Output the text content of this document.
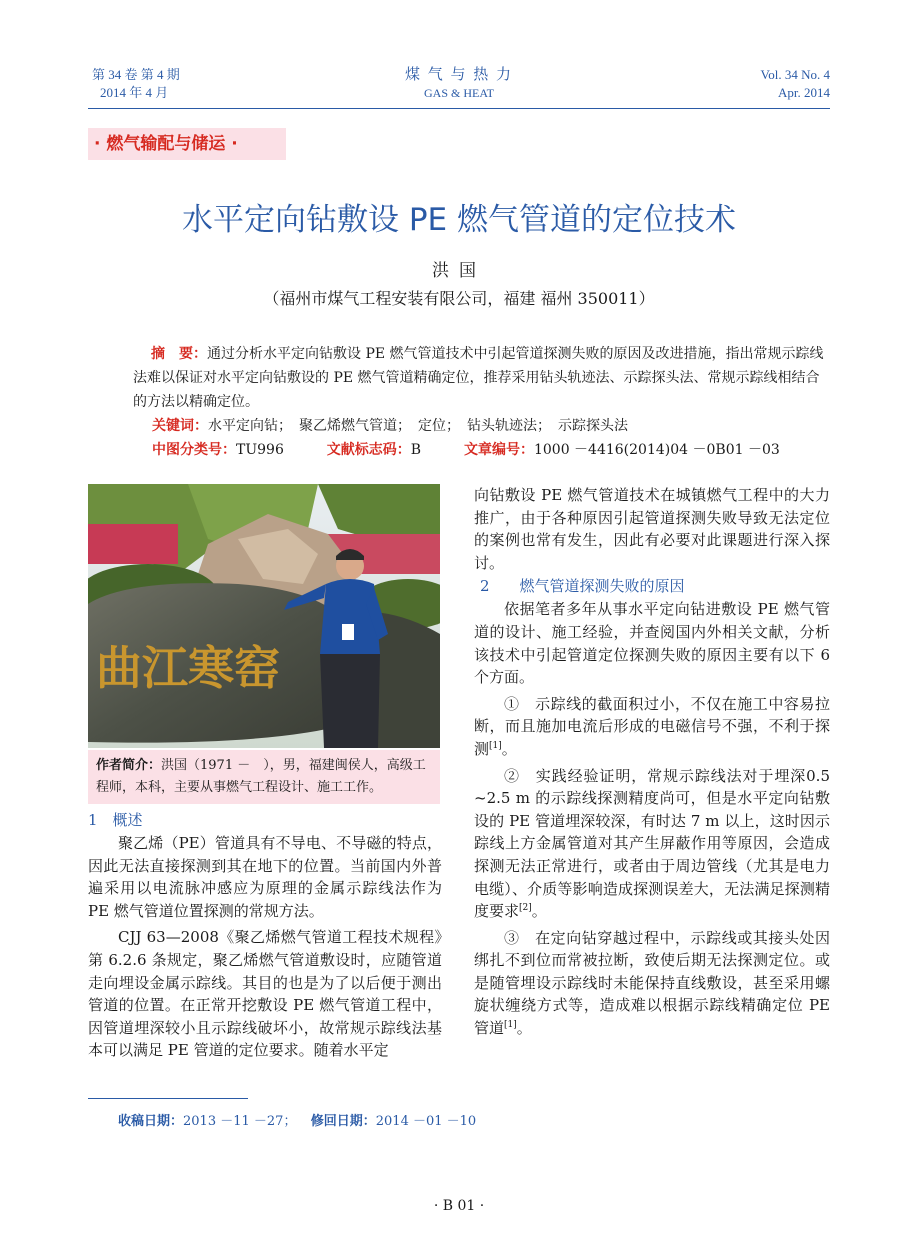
第 34 卷 第 4 期
2014 年 4 月
煤 气 与 热 力
GAS & HEAT
Vol. 34 No. 4
Apr. 2014
· 燃气输配与储运 ·
水平定向钻敷设 PE 燃气管道的定位技术
洪国
（福州市煤气工程安装有限公司，福建 福州 350011）
摘　要：通过分析水平定向钻敷设 PE 燃气管道技术中引起管道探测失败的原因及改进措施，指出常规示踪线法难以保证对水平定向钻敷设的 PE 燃气管道精确定位，推荐采用钻头轨迹法、示踪探头法、常规示踪线相结合的方法以精确定位。
关键词：水平定向钻；　聚乙烯燃气管道；　定位；　钻头轨迹法；　示踪探头法
中图分类号：TU996	文献标志码：B	文章编号：1000 －4416(2014)04 －0B01 －03
曲江寒窑
作者简介：洪国（1971 －　），男，福建闽侯人，高级工程师，本科，主要从事燃气工程设计、施工工作。
1　概述

聚乙烯（PE）管道具有不导电、不导磁的特点，因此无法直接探测到其在地下的位置。当前国内外普遍采用以电流脉冲感应为原理的金属示踪线法作为 PE 燃气管道位置探测的常规方法。

CJJ 63—2008《聚乙烯燃气管道工程技术规程》第 6.2.6 条规定，聚乙烯燃气管道敷设时，应随管道走向埋设金属示踪线。其目的也是为了以后便于测出管道的位置。在正常开挖敷设 PE 燃气管道工程中，因管道埋深较小且示踪线破坏小，故常规示踪线法基本可以满足 PE 管道的定位要求。随着水平定

向钻敷设 PE 燃气管道技术在城镇燃气工程中的大力推广，由于各种原因引起管道探测失败导致无法定位的案例也常有发生，因此有必要对此课题进行深入探讨。

2　　燃气管道探测失败的原因

依据笔者多年从事水平定向钻进敷设 PE 燃气管道的设计、施工经验，并查阅国内外相关文献，分析该技术中引起管道定位探测失败的原因主要有以下 6 个方面。

①　示踪线的截面积过小，不仅在施工中容易拉断，而且施加电流后形成的电磁信号不强，不利于探测[1]。

②　实践经验证明，常规示踪线法对于埋深0.5 ~2.5 m 的示踪线探测精度尚可，但是水平定向钻敷设的 PE 管道埋深较深，有时达 7 m 以上，这时因示踪线上方金属管道对其产生屏蔽作用等原因，会造成探测无法正常进行，或者由于周边管线（尤其是电力电缆）、介质等影响造成探测误差大，无法满足探测精度要求[2]。

③　在定向钻穿越过程中，示踪线或其接头处因绑扎不到位而常被拉断，致使后期无法探测定位。或是随管埋设示踪线时未能保持直线敷设，甚至采用螺旋状缠绕方式等，造成难以根据示踪线精确定位 PE 管道[1]。

收稿日期：2013 －11 －27； 修回日期：2014 －01 －10
· B 01 ·
